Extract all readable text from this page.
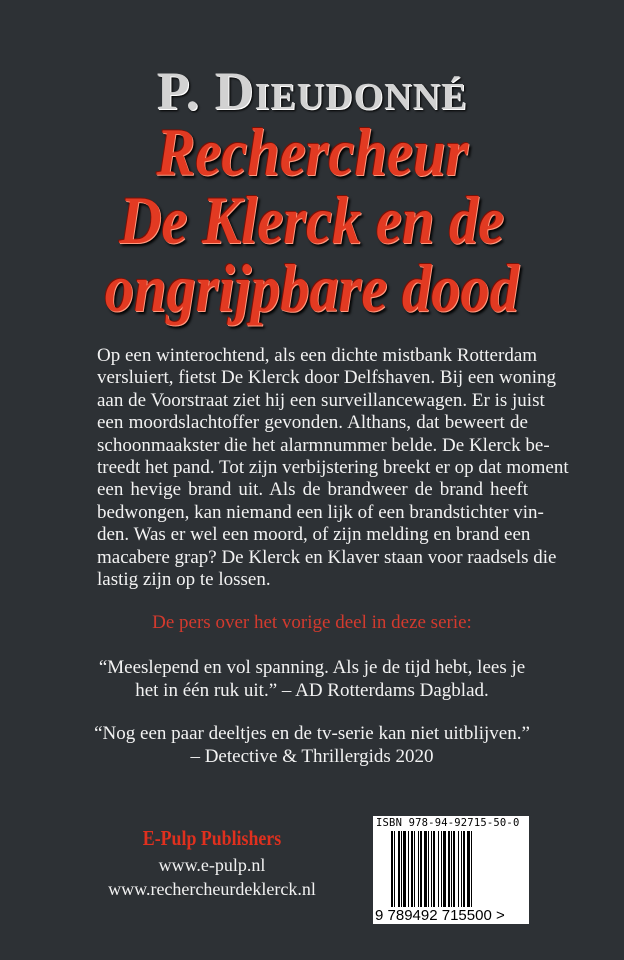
P. Dieudonné
Rechercheur
De Klerck en de
ongrijpbare dood
Op een winterochtend, als een dichte mistbank Rotterdam
versluiert, fietst De Klerck door Delfshaven. Bij een woning
aan de Voorstraat ziet hij een surveillancewagen. Er is juist
een moordslachtoffer gevonden. Althans, dat beweert de
schoonmaakster die het alarmnummer belde. De Klerck be-
treedt het pand. Tot zijn verbijstering breekt er op dat moment
een hevige brand uit. Als de brandweer de brand heeft
bedwongen, kan niemand een lijk of een brandstichter vin-
den. Was er wel een moord, of zijn melding en brand een
macabere grap? De Klerck en Klaver staan voor raadsels die
lastig zijn op te lossen.
De pers over het vorige deel in deze serie:
“Meeslepend en vol spanning. Als je de tijd hebt, lees je
het in één ruk uit.” – AD Rotterdams Dagblad.
“Nog een paar deeltjes en de tv-serie kan niet uitblijven.”
– Detective & Thrillergids 2020
E-Pulp Publishers
www.e-pulp.nl
www.rechercheurdeklerck.nl
ISBN 978-94-92715-50-0
9 789492 715500 >
